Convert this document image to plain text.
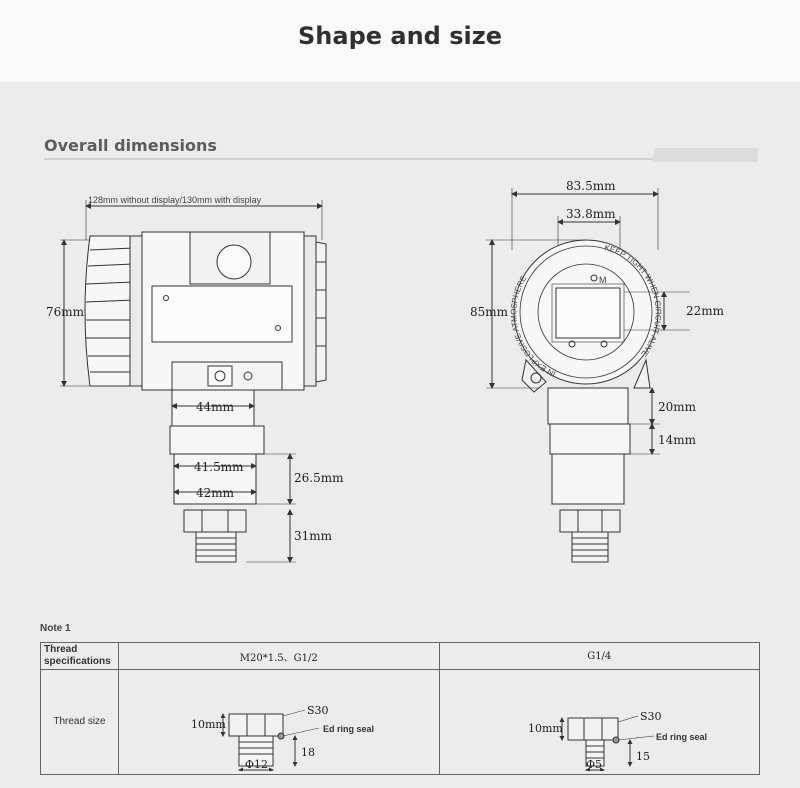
Shape and size
Overall dimensions
128mm without display/130mm with display
76mm
44mm
41.5mm
42mm
26.5mm
31mm
IN EXPLOSIVE ATMOSPHERE
KEEP TIGHT WHEN CIRCUIT ALIVE
M
83.5mm
33.8mm
85mm	22mm
20mm
14mm
Note 1
Thread specifications	M20*1.5、G1/2	G1/4
Thread size	10mm
S30
Ed ring seal
18
Φ12	10mm
S30
Ed ring seal
15
Φ5
